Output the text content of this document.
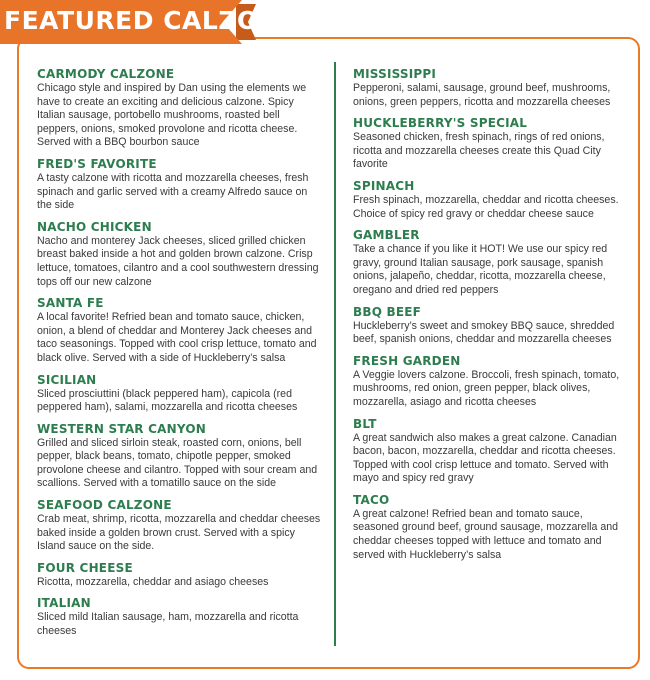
FEATURED CALZONES
CARMODY CALZONE
Chicago style and inspired by Dan using the elements we have to create an exciting and delicious calzone. Spicy Italian sausage, portobello mushrooms, roasted bell peppers, onions, smoked provolone and ricotta cheese. Served with a BBQ bourbon sauce
FRED'S FAVORITE
A tasty calzone with ricotta and mozzarella cheeses, fresh spinach and garlic served with a creamy Alfredo sauce on the side
NACHO CHICKEN
Nacho and monterey Jack cheeses, sliced grilled chicken breast baked inside a hot and golden brown calzone. Crisp lettuce, tomatoes, cilantro and a cool southwestern dressing tops off our new calzone
SANTA FE
A local favorite! Refried bean and tomato sauce, chicken, onion, a blend of cheddar and Monterey Jack cheeses and taco seasonings. Topped with cool crisp lettuce, tomato and black olive. Served with a side of Huckleberry’s salsa
SICILIAN
Sliced prosciuttini (black peppered ham), capicola (red peppered ham), salami, mozzarella and ricotta cheeses
WESTERN STAR CANYON
Grilled and sliced sirloin steak, roasted corn, onions, bell pepper, black beans, tomato, chipotle pepper, smoked provolone cheese and cilantro. Topped with sour cream and scallions. Served with a tomatillo sauce on the side
SEAFOOD CALZONE
Crab meat, shrimp, ricotta, mozzarella and cheddar cheeses baked inside a golden brown crust. Served with a spicy Island sauce on the side.
FOUR CHEESE
Ricotta, mozzarella, cheddar and asiago cheeses
ITALIAN
Sliced mild Italian sausage, ham, mozzarella and ricotta cheeses
MISSISSIPPI
Pepperoni, salami, sausage, ground beef, mushrooms, onions, green peppers, ricotta and mozzarella cheeses
HUCKLEBERRY'S SPECIAL
Seasoned chicken, fresh spinach, rings of red onions, ricotta and mozzarella cheeses create this Quad City favorite
SPINACH
Fresh spinach, mozzarella, cheddar and ricotta cheeses. Choice of spicy red gravy or cheddar cheese sauce
GAMBLER
Take a chance if you like it HOT! We use our spicy red gravy, ground Italian sausage, pork sausage, spanish onions, jalapeño, cheddar, ricotta, mozzarella cheese, oregano and dried red peppers
BBQ BEEF
Huckleberry’s sweet and smokey BBQ sauce, shredded beef, spanish onions, cheddar and mozzarella cheeses
FRESH GARDEN
A Veggie lovers calzone. Broccoli, fresh spinach, tomato, mushrooms, red onion, green pepper, black olives, mozzarella, asiago and ricotta cheeses
BLT
A great sandwich also makes a great calzone. Canadian bacon, bacon, mozzarella, cheddar and ricotta cheeses. Topped with cool crisp lettuce and tomato. Served with mayo and spicy red gravy
TACO
A great calzone! Refried bean and tomato sauce, seasoned ground beef, ground sausage, mozzarella and cheddar cheeses topped with lettuce and tomato and served with Huckleberry’s salsa
